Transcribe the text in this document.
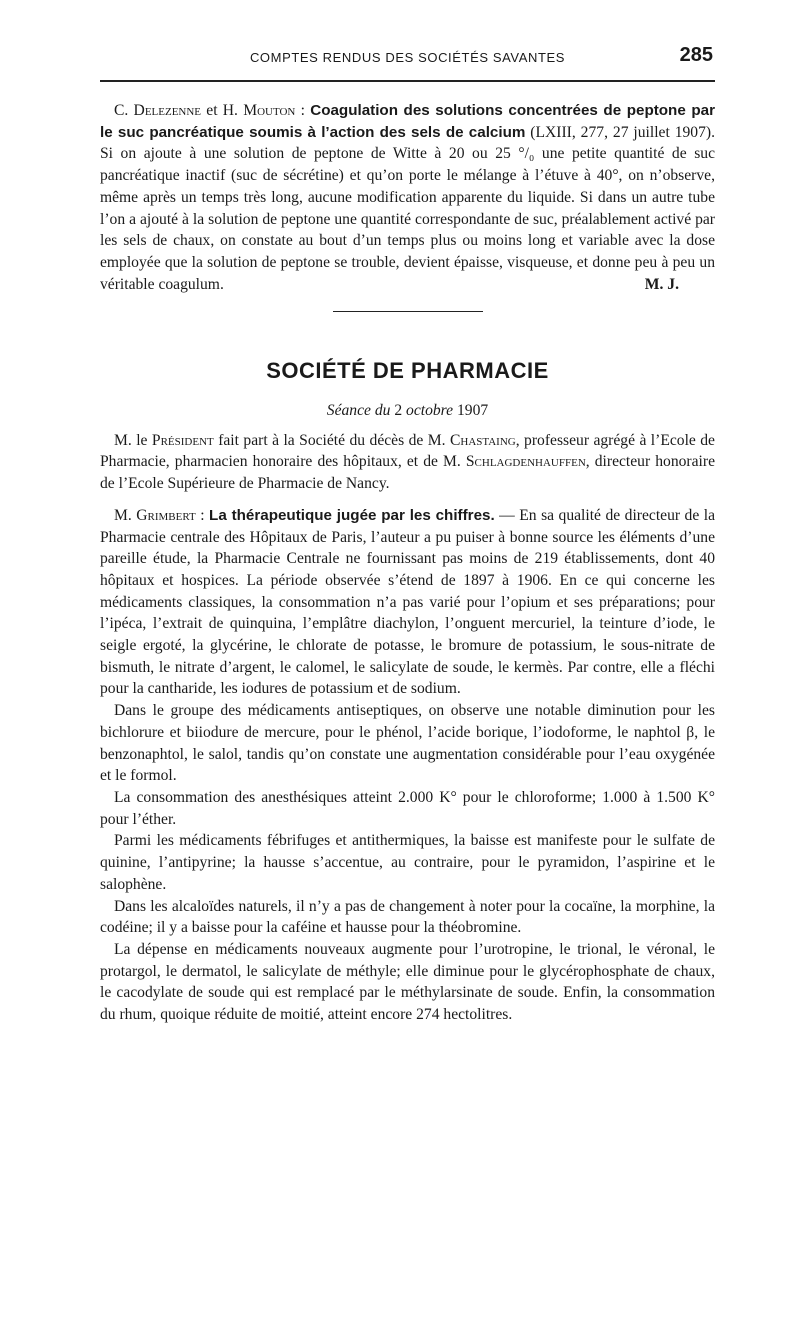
COMPTES RENDUS DES SOCIÉTÉS SAVANTES	285

C. Delezenne et H. Mouton : Coagulation des solutions concentrées de peptone par le suc pancréatique soumis à l’action des sels de calcium (LXIII, 277, 27 juillet 1907). Si on ajoute à une solution de peptone de Witte à 20 ou 25 °/₀ une petite quantité de suc pancréatique inactif (suc de sécrétine) et qu’on porte le mélange à l’étuve à 40°, on n’observe, même après un temps très long, aucune modification apparente du liquide. Si dans un autre tube l’on a ajouté à la solution de peptone une quantité correspondante de suc, préalablement activé par les sels de chaux, on constate au bout d’un temps plus ou moins long et variable avec la dose employée que la solution de peptone se trouble, devient épaisse, visqueuse, et donne peu à peu un véritable coagulum.	M. J.

SOCIÉTÉ DE PHARMACIE
Séance du 2 octobre 1907

M. le Président fait part à la Société du décès de M. Chastaing, professeur agrégé à l’Ecole de Pharmacie, pharmacien honoraire des hôpitaux, et de M. Schlagdenhauffen, directeur honoraire de l’Ecole Supérieure de Pharmacie de Nancy.

M. Grimbert : La thérapeutique jugée par les chiffres. — En sa qualité de directeur de la Pharmacie centrale des Hôpitaux de Paris, l’auteur a pu puiser à bonne source les éléments d’une pareille étude, la Pharmacie Centrale ne fournissant pas moins de 219 établissements, dont 40 hôpitaux et hospices. La période observée s’étend de 1897 à 1906. En ce qui concerne les médicaments classiques, la consommation n’a pas varié pour l’opium et ses préparations; pour l’ipéca, l’extrait de quinquina, l’emplâtre diachylon, l’onguent mercuriel, la teinture d’iode, le seigle ergoté, la glycérine, le chlorate de potasse, le bromure de potassium, le sous-nitrate de bismuth, le nitrate d’argent, le calomel, le salicylate de soude, le kermès. Par contre, elle a fléchi pour la cantharide, les iodures de potassium et de sodium.

Dans le groupe des médicaments antiseptiques, on observe une notable diminution pour les bichlorure et biiodure de mercure, pour le phénol, l’acide borique, l’iodoforme, le naphtol β, le benzonaphtol, le salol, tandis qu’on constate une augmentation considérable pour l’eau oxygénée et le formol.

La consommation des anesthésiques atteint 2.000 K° pour le chloroforme; 1.000 à 1.500 K° pour l’éther.

Parmi les médicaments fébrifuges et antithermiques, la baisse est manifeste pour le sulfate de quinine, l’antipyrine; la hausse s’accentue, au contraire, pour le pyramidon, l’aspirine et le salophène.

Dans les alcaloïdes naturels, il n’y a pas de changement à noter pour la cocaïne, la morphine, la codéine; il y a baisse pour la caféine et hausse pour la théobromine.

La dépense en médicaments nouveaux augmente pour l’urotropine, le trional, le véronal, le protargol, le dermatol, le salicylate de méthyle; elle diminue pour le glycérophosphate de chaux, le cacodylate de soude qui est remplacé par le méthylarsinate de soude. Enfin, la consommation du rhum, quoique réduite de moitié, atteint encore 274 hectolitres.
